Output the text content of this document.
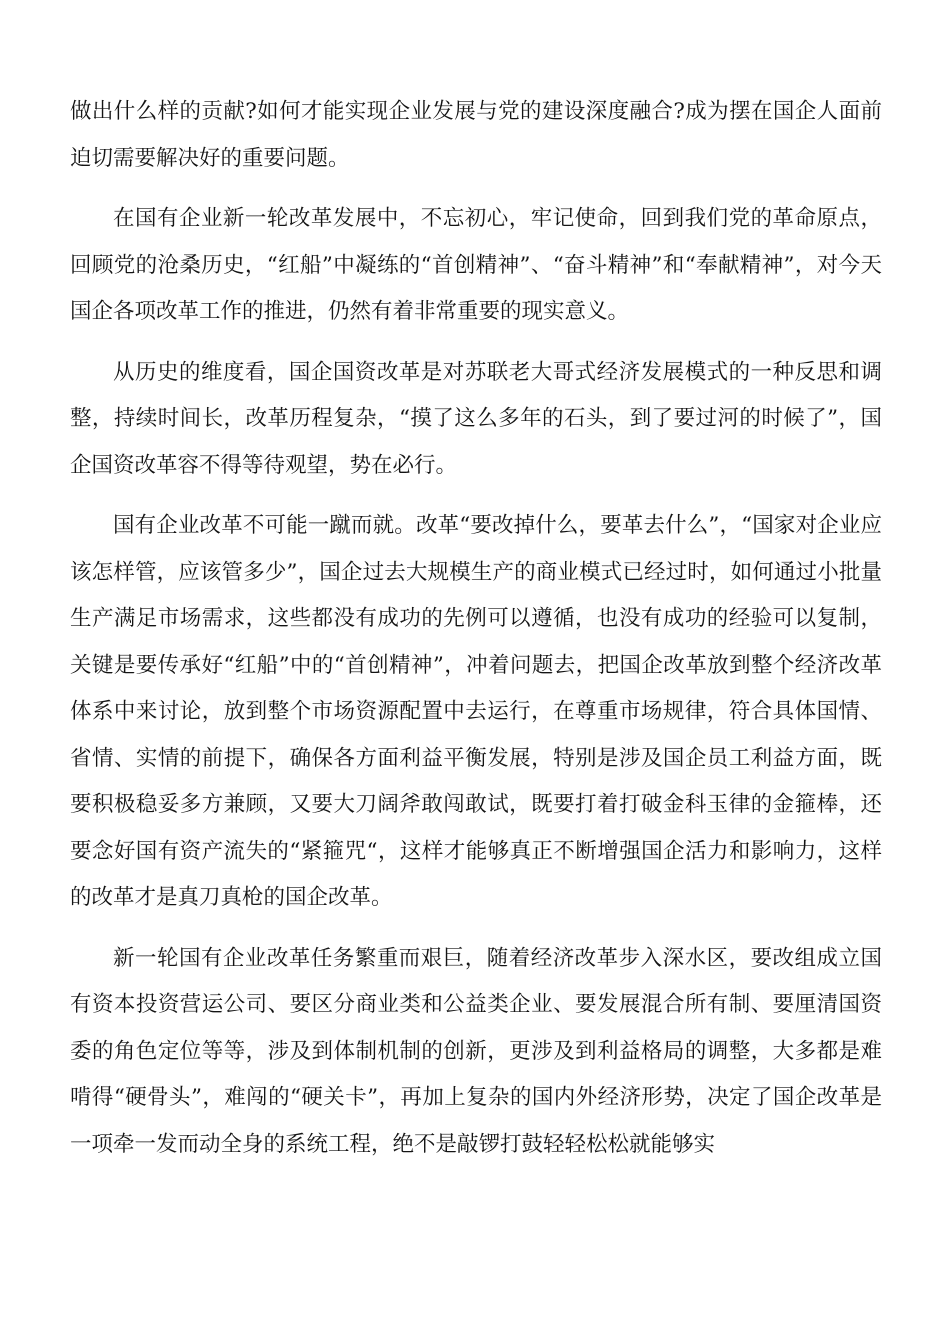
做出什么样的贡献?如何才能实现企业发展与党的建设深度融合?成为摆在国企人面前迫切需要解决好的重要问题。

在国有企业新一轮改革发展中，不忘初心，牢记使命，回到我们党的革命原点，回顾党的沧桑历史，“红船”中凝练的“首创精神”、“奋斗精神”和“奉献精神”，对今天国企各项改革工作的推进，仍然有着非常重要的现实意义。

从历史的维度看，国企国资改革是对苏联老大哥式经济发展模式的一种反思和调整，持续时间长，改革历程复杂，“摸了这么多年的石头，到了要过河的时候了”，国企国资改革容不得等待观望，势在必行。

国有企业改革不可能一蹴而就。改革“要改掉什么，要革去什么”，“国家对企业应该怎样管，应该管多少”，国企过去大规模生产的商业模式已经过时，如何通过小批量生产满足市场需求，这些都没有成功的先例可以遵循，也没有成功的经验可以复制，关键是要传承好“红船”中的“首创精神”，冲着问题去，把国企改革放到整个经济改革体系中来讨论，放到整个市场资源配置中去运行，在尊重市场规律，符合具体国情、省情、实情的前提下，确保各方面利益平衡发展，特别是涉及国企员工利益方面，既要积极稳妥多方兼顾，又要大刀阔斧敢闯敢试，既要打着打破金科玉律的金箍棒，还要念好国有资产流失的“紧箍咒“，这样才能够真正不断增强国企活力和影响力，这样的改革才是真刀真枪的国企改革。

新一轮国有企业改革任务繁重而艰巨，随着经济改革步入深水区，要改组成立国有资本投资营运公司、要区分商业类和公益类企业、要发展混合所有制、要厘清国资委的角色定位等等，涉及到体制机制的创新，更涉及到利益格局的调整，大多都是难啃得“硬骨头”，难闯的“硬关卡”，再加上复杂的国内外经济形势，决定了国企改革是一项牵一发而动全身的系统工程，绝不是敲锣打鼓轻轻松松就能够实
